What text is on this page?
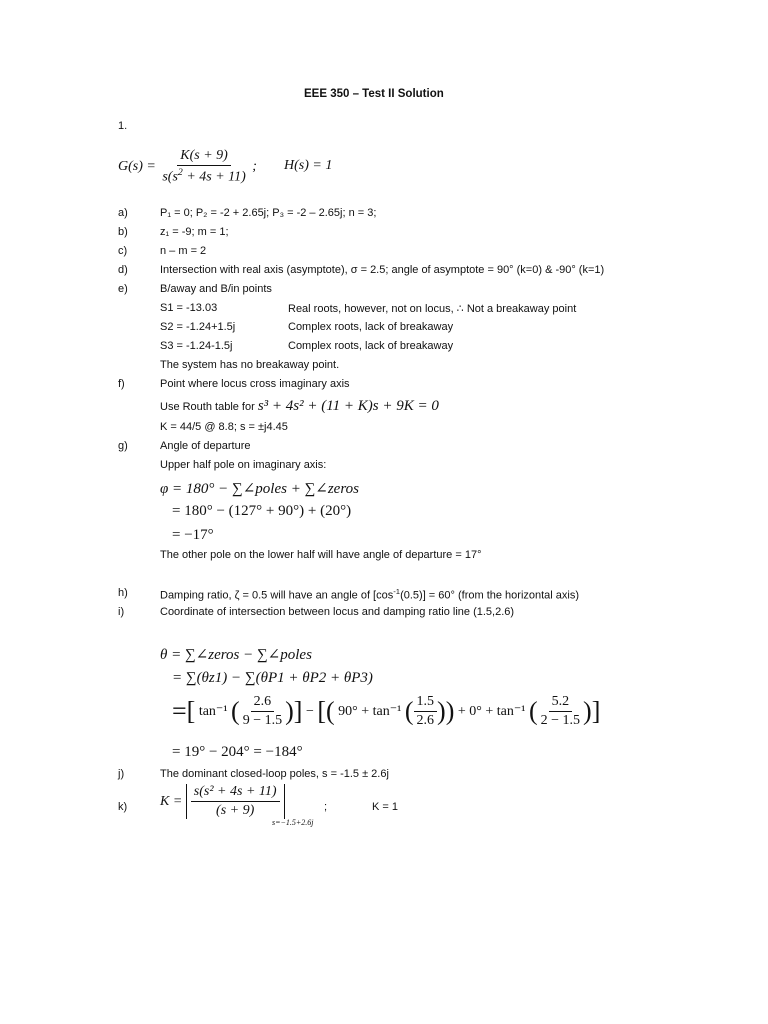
EEE 350 – Test II Solution
1.
$G(s) = \frac{K(s + 9)}{s(s^2 + 4s + 11)}$ ; H(s) = 1
a)	P₁ = 0; P₂ = -2 + 2.65j; P₃ = -2 – 2.65j; n = 3;
b)	z₁ = -9; m = 1;
c)	n – m = 2
d)	Intersection with real axis (asymptote), σ = 2.5; angle of asymptote = 90° (k=0) & -90° (k=1)
e)	B/away and B/in points
S1 = -13.03	Real roots, however, not on locus, ∴ Not a breakaway point
S2 = -1.24+1.5j	Complex roots, lack of breakaway
S3 = -1.24-1.5j	Complex roots, lack of breakaway
The system has no breakaway point.
f)	Point where locus cross imaginary axis
Use Routh table for s³ + 4s² + (11 + K)s + 9K = 0
K = 44/5 @ 8.8; s = ±j4.45
g)	Angle of departure
Upper half pole on imaginary axis:
φ = 180° − ∑∠poles + ∑∠zeros
= 180° − (127° + 90°) + (20°)
= −17°
The other pole on the lower half will have angle of departure = 17°
h)	Damping ratio, ζ = 0.5 will have an angle of $[\cos^{-1}(0.5)] = 60^\circ$ (from the horizontal axis)
i)	Coordinate of intersection between locus and damping ratio line (1.5,2.6)
θ = ∑∠zeros − ∑∠poles
= ∑(θz1) − ∑(θP1 + θP2 + θP3)
=[ tan⁻¹ ( $\frac{2.6}{9 - 1.5}$ )] − [( 90° + tan⁻¹ ( $\frac{1.5}{2.6}$ )) + 0° + tan⁻¹ ( $\frac{5.2}{2 - 1.5}$ )]
= 19° − 204° = −184°
j)	The dominant closed-loop poles, s = -1.5 ± 2.6j
k) $K = \frac{\text{s(s² + 4s + 11)}}{(s + 9)}$
s=−1.5+2.6j
;	K = 1
